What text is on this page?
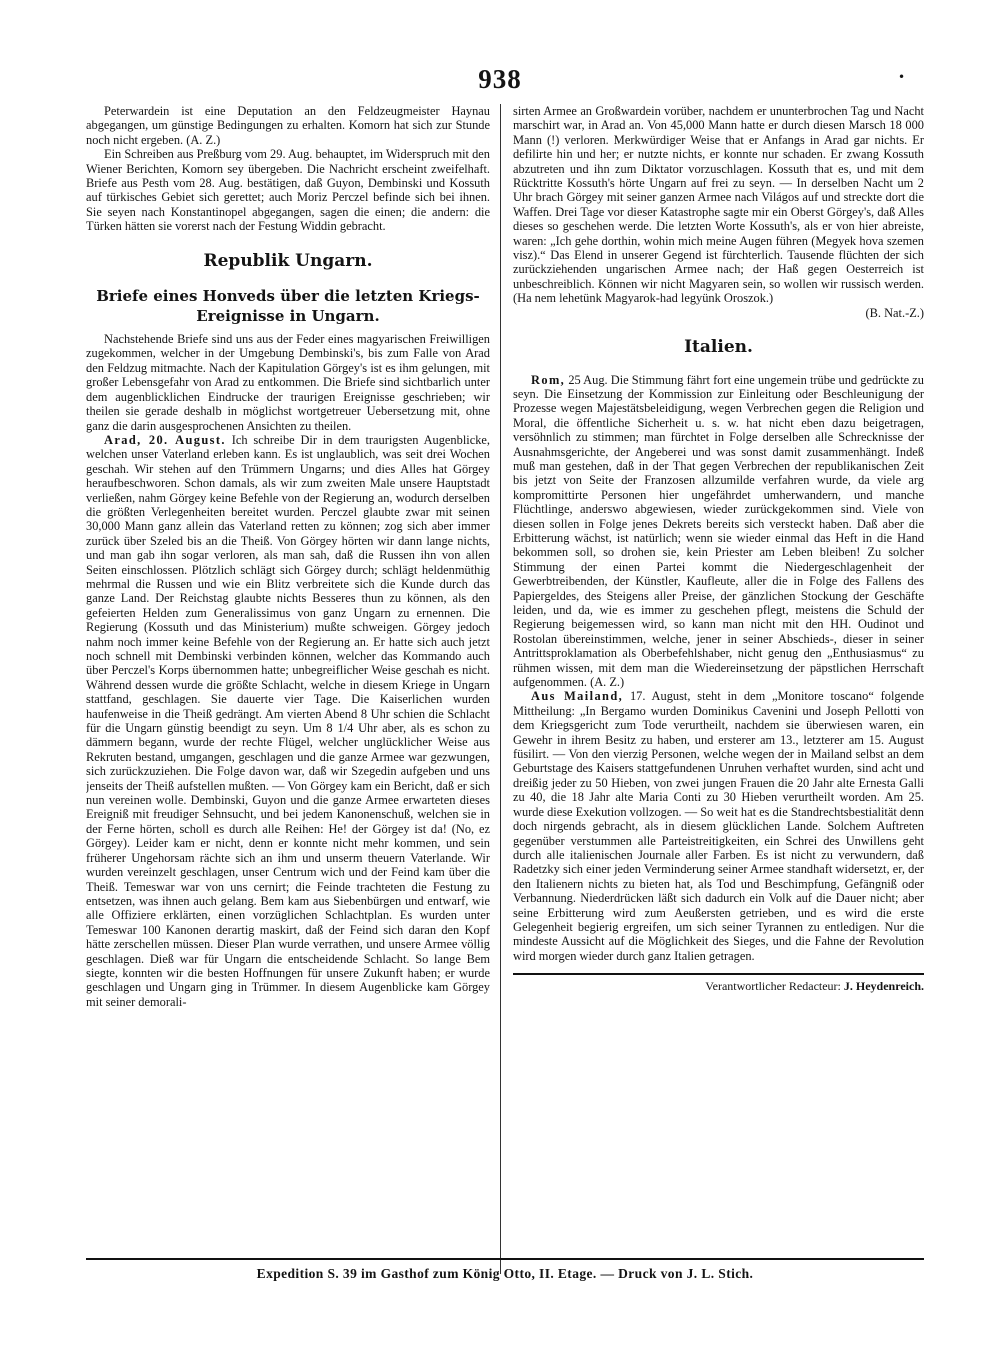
938	•

Peterwardein ist eine Deputation an den Feldzeugmeister Haynau abgegangen, um günstige Bedingungen zu erhalten. Komorn hat sich zur Stunde noch nicht ergeben. (A. Z.)

Ein Schreiben aus Preßburg vom 29. Aug. behauptet, im Widerspruch mit den Wiener Berichten, Komorn sey übergeben. Die Nachricht erscheint zweifelhaft. Briefe aus Pesth vom 28. Aug. bestätigen, daß Guyon, Dembinski und Kossuth auf türkisches Gebiet sich gerettet; auch Moriz Perczel befinde sich bei ihnen. Sie seyen nach Konstantinopel abgegangen, sagen die einen; die andern: die Türken hätten sie vorerst nach der Festung Widdin gebracht.

Republik Ungarn.
Briefe eines Honveds über die letzten Kriegs-
Ereignisse in Ungarn.

Nachstehende Briefe sind uns aus der Feder eines magyarischen Freiwilligen zugekommen, welcher in der Umgebung Dembinski's, bis zum Falle von Arad den Feldzug mitmachte. Nach der Kapitulation Görgey's ist es ihm gelungen, mit großer Lebensgefahr von Arad zu entkommen. Die Briefe sind sichtbarlich unter dem augenblicklichen Eindrucke der traurigen Ereignisse geschrieben; wir theilen sie gerade deshalb in möglichst wortgetreuer Uebersetzung mit, ohne ganz die darin ausgesprochenen Ansichten zu theilen.

Arad, 20. August. Ich schreibe Dir in dem traurigsten Augenblicke, welchen unser Vaterland erleben kann. Es ist unglaublich, was seit drei Wochen geschah. Wir stehen auf den Trümmern Ungarns; und dies Alles hat Görgey heraufbeschworen. Schon damals, als wir zum zweiten Male unsere Hauptstadt verließen, nahm Görgey keine Befehle von der Regierung an, wodurch derselben die größten Verlegenheiten bereitet wurden. Perczel glaubte zwar mit seinen 30,000 Mann ganz allein das Vaterland retten zu können; zog sich aber immer zurück über Szeled bis an die Theiß. Von Görgey hörten wir dann lange nichts, und man gab ihn sogar verloren, als man sah, daß die Russen ihn von allen Seiten einschlossen. Plötzlich schlägt sich Görgey durch; schlägt heldenmüthig mehrmal die Russen und wie ein Blitz verbreitete sich die Kunde durch das ganze Land. Der Reichstag glaubte nichts Besseres thun zu können, als den gefeierten Helden zum Generalissimus von ganz Ungarn zu ernennen. Die Regierung (Kossuth und das Ministerium) mußte schweigen. Görgey jedoch nahm noch immer keine Befehle von der Regierung an. Er hatte sich auch jetzt noch schnell mit Dembinski verbinden können, welcher das Kommando auch über Perczel's Korps übernommen hatte; unbegreiflicher Weise geschah es nicht. Während dessen wurde die größte Schlacht, welche in diesem Kriege in Ungarn stattfand, geschlagen. Sie dauerte vier Tage. Die Kaiserlichen wurden haufenweise in die Theiß gedrängt. Am vierten Abend 8 Uhr schien die Schlacht für die Ungarn günstig beendigt zu seyn. Um 8 1/4 Uhr aber, als es schon zu dämmern begann, wurde der rechte Flügel, welcher unglücklicher Weise aus Rekruten bestand, umgangen, geschlagen und die ganze Armee war gezwungen, sich zurückzuziehen. Die Folge davon war, daß wir Szegedin aufgeben und uns jenseits der Theiß aufstellen mußten. — Von Görgey kam ein Bericht, daß er sich nun vereinen wolle. Dembinski, Guyon und die ganze Armee erwarteten dieses Ereigniß mit freudiger Sehnsucht, und bei jedem Kanonenschuß, welchen sie in der Ferne hörten, scholl es durch alle Reihen: He! der Görgey ist da! (No, ez Görgey). Leider kam er nicht, denn er konnte nicht mehr kommen, und sein früherer Ungehorsam rächte sich an ihm und unserm theuern Vaterlande. Wir wurden vereinzelt geschlagen, unser Centrum wich und der Feind kam über die Theiß. Temeswar war von uns cernirt; die Feinde trachteten die Festung zu entsetzen, was ihnen auch gelang. Bem kam aus Siebenbürgen und entwarf, wie alle Offiziere erklärten, einen vorzüglichen Schlachtplan. Es wurden unter Temeswar 100 Kanonen derartig maskirt, daß der Feind sich daran den Kopf hätte zerschellen müssen. Dieser Plan wurde verrathen, und unsere Armee völlig geschlagen. Dieß war für Ungarn die entscheidende Schlacht. So lange Bem siegte, konnten wir die besten Hoffnungen für unsere Zukunft haben; er wurde geschlagen und Ungarn ging in Trümmer. In diesem Augenblicke kam Görgey mit seiner demorali-

sirten Armee an Großwardein vorüber, nachdem er ununterbrochen Tag und Nacht marschirt war, in Arad an. Von 45,000 Mann hatte er durch diesen Marsch 18 000 Mann (!) verloren. Merkwürdiger Weise that er Anfangs in Arad gar nichts. Er defilirte hin und her; er nutzte nichts, er konnte nur schaden. Er zwang Kossuth abzutreten und ihn zum Diktator vorzuschlagen. Kossuth that es, und mit dem Rücktritte Kossuth's hörte Ungarn auf frei zu seyn. — In derselben Nacht um 2 Uhr brach Görgey mit seiner ganzen Armee nach Világos auf und streckte dort die Waffen. Drei Tage vor dieser Katastrophe sagte mir ein Oberst Görgey's, daß Alles dieses so geschehen werde. Die letzten Worte Kossuth's, als er von hier abreiste, waren: „Ich gehe dorthin, wohin mich meine Augen führen (Megyek hova szemen visz).“ Das Elend in unserer Gegend ist fürchterlich. Tausende flüchten der sich zurückziehenden ungarischen Armee nach; der Haß gegen Oesterreich ist unbeschreiblich. Können wir nicht Magyaren sein, so wollen wir russisch werden. (Ha nem lehetünk Magyarok-had legyünk Oroszok.)

(B. Nat.-Z.)

Italien.

Rom, 25 Aug. Die Stimmung fährt fort eine ungemein trübe und gedrückte zu seyn. Die Einsetzung der Kommission zur Einleitung oder Beschleunigung der Prozesse wegen Majestätsbeleidigung, wegen Verbrechen gegen die Religion und Moral, die öffentliche Sicherheit u. s. w. hat nicht eben dazu beigetragen, versöhnlich zu stimmen; man fürchtet in Folge derselben alle Schrecknisse der Ausnahmsgerichte, der Angeberei und was sonst damit zusammenhängt. Indeß muß man gestehen, daß in der That gegen Verbrechen der republikanischen Zeit bis jetzt von Seite der Franzosen allzumilde verfahren wurde, da viele arg kompromittirte Personen hier ungefährdet umherwandern, und manche Flüchtlinge, anderswo abgewiesen, wieder zurückgekommen sind. Viele von diesen sollen in Folge jenes Dekrets bereits sich versteckt haben. Daß aber die Erbitterung wächst, ist natürlich; wenn sie wieder einmal das Heft in die Hand bekommen soll, so drohen sie, kein Priester am Leben bleiben! Zu solcher Stimmung der einen Partei kommt die Niedergeschlagenheit der Gewerbtreibenden, der Künstler, Kaufleute, aller die in Folge des Fallens des Papiergeldes, des Steigens aller Preise, der gänzlichen Stockung der Geschäfte leiden, und da, wie es immer zu geschehen pflegt, meistens die Schuld der Regierung beigemessen wird, so kann man nicht mit den HH. Oudinot und Rostolan übereinstimmen, welche, jener in seiner Abschieds-, dieser in seiner Antrittsproklamation als Oberbefehlshaber, nicht genug den „Enthusiasmus“ zu rühmen wissen, mit dem man die Wiedereinsetzung der päpstlichen Herrschaft aufgenommen. (A. Z.)

Aus Mailand, 17. August, steht in dem „Monitore toscano“ folgende Mittheilung: „In Bergamo wurden Dominikus Cavenini und Joseph Pellotti von dem Kriegsgericht zum Tode verurtheilt, nachdem sie überwiesen waren, ein Gewehr in ihrem Besitz zu haben, und ersterer am 13., letzterer am 15. August füsilirt. — Von den vierzig Personen, welche wegen der in Mailand selbst an dem Geburtstage des Kaisers stattgefundenen Unruhen verhaftet wurden, sind acht und dreißig jeder zu 50 Hieben, von zwei jungen Frauen die 20 Jahr alte Ernesta Galli zu 40, die 18 Jahr alte Maria Conti zu 30 Hieben verurtheilt worden. Am 25. wurde diese Exekution vollzogen. — So weit hat es die Standrechtsbestialität denn doch nirgends gebracht, als in diesem glücklichen Lande. Solchem Auftreten gegenüber verstummen alle Parteistreitigkeiten, ein Schrei des Unwillens geht durch alle italienischen Journale aller Farben. Es ist nicht zu verwundern, daß Radetzky sich einer jeden Verminderung seiner Armee standhaft widersetzt, er, der den Italienern nichts zu bieten hat, als Tod und Beschimpfung, Gefängniß oder Verbannung. Niederdrücken läßt sich dadurch ein Volk auf die Dauer nicht; aber seine Erbitterung wird zum Aeußersten getrieben, und es wird die erste Gelegenheit begierig ergreifen, um sich seiner Tyrannen zu entledigen. Nur die mindeste Aussicht auf die Möglichkeit des Sieges, und die Fahne der Revolution wird morgen wieder durch ganz Italien getragen.

Verantwortlicher Redacteur: J. Heydenreich.
Expedition S. 39 im Gasthof zum König Otto, II. Etage. — Druck von J. L. Stich.
